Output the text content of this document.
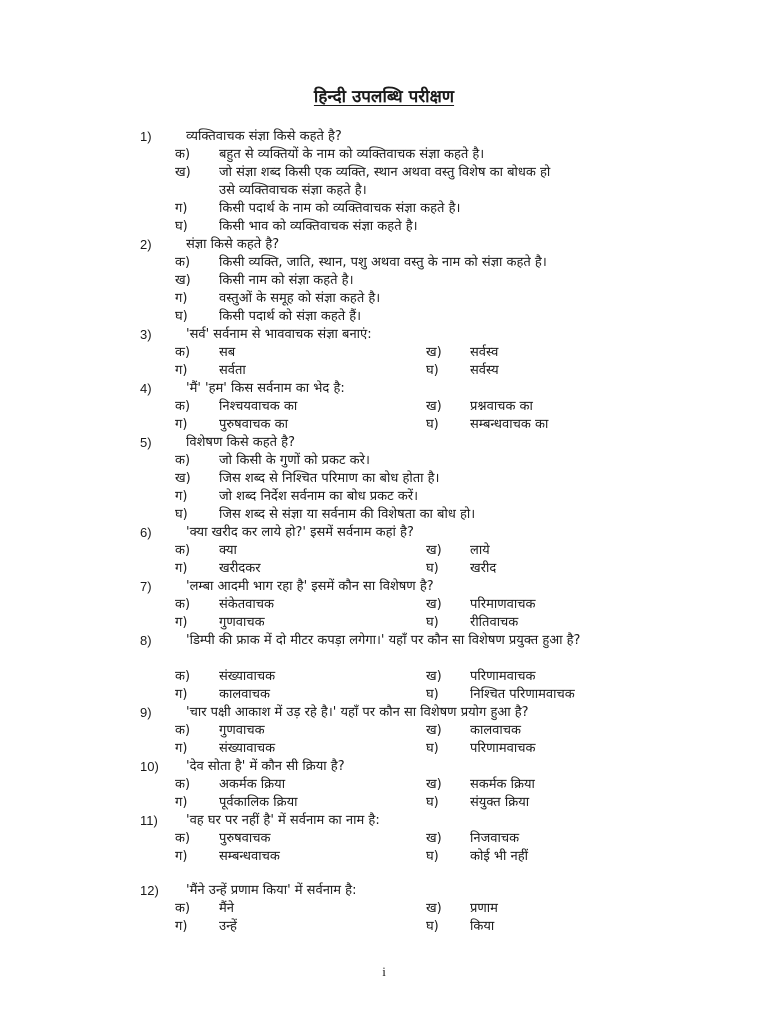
हिन्दी उपलब्धि परीक्षण
1)	व्यक्तिवाचक संज्ञा किसे कहते है?
क) बहुत से व्यक्तियों के नाम को व्यक्तिवाचक संज्ञा कहते है।
ख) जो संज्ञा शब्द किसी एक व्यक्ति, स्थान अथवा वस्तु विशेष का बोधक हो
उसे व्यक्तिवाचक संज्ञा कहते है।
ग) किसी पदार्थ के नाम को व्यक्तिवाचक संज्ञा कहते है।
घ) किसी भाव को व्यक्तिवाचक संज्ञा कहते है।
2)	संज्ञा किसे कहते है?
क) किसी व्यक्ति, जाति, स्थान, पशु अथवा वस्तु के नाम को संज्ञा कहते है।
ख) किसी नाम को संज्ञा कहते है।
ग) वस्तुओं के समूह को संज्ञा कहते है।
घ) किसी पदार्थ को संज्ञा कहते हैं।
3)	'सर्व' सर्वनाम से भाववाचक संज्ञा बनाएं:
क) सब	ख) सर्वस्व
ग) सर्वता	घ) सर्वस्य
4)	'मैं' 'हम' किस सर्वनाम का भेद है:
क) निश्चयवाचक का	ख) प्रश्नवाचक का
ग) पुरुषवाचक का	घ) सम्बन्धवाचक का
5)	विशेषण किसे कहते है?
क) जो किसी के गुणों को प्रकट करे।
ख) जिस शब्द से निश्चित परिमाण का बोध होता है।
ग) जो शब्द निर्देश सर्वनाम का बोध प्रकट करें।
घ) जिस शब्द से संज्ञा या सर्वनाम की विशेषता का बोध हो।
6)	'क्या खरीद कर लाये हो?' इसमें सर्वनाम कहां है?
क) क्या	ख) लाये
ग) खरीदकर	घ) खरीद
7)	'लम्बा आदमी भाग रहा है' इसमें कौन सा विशेषण है?
क) संकेतवाचक	ख) परिमाणवाचक
ग) गुणवाचक	घ) रीतिवाचक
8)	'डिम्पी की फ्राक में दो मीटर कपड़ा लगेगा।' यहाँ पर कौन सा विशेषण प्रयुक्त हुआ है?
क) संख्यावाचक	ख) परिणामवाचक
ग) कालवाचक	घ) निश्चित परिणामवाचक
9)	'चार पक्षी आकाश में उड़ रहे है।' यहाँ पर कौन सा विशेषण प्रयोग हुआ है?
क) गुणवाचक	ख) कालवाचक
ग) संख्यावाचक	घ) परिणामवाचक
10) 'देव सोता है' में कौन सी क्रिया है?
क) अकर्मक क्रिया	ख) सकर्मक क्रिया
ग) पूर्वकालिक क्रिया	घ) संयुक्त क्रिया
11) 'वह घर पर नहीं है' में सर्वनाम का नाम है:
क) पुरुषवाचक	ख) निजवाचक
ग) सम्बन्धवाचक	घ) कोई भी नहीं
12) 'मैंने उन्हें प्रणाम किया' में सर्वनाम है:
क) मैंने	ख) प्रणाम
ग) उन्हें	घ) किया
i
